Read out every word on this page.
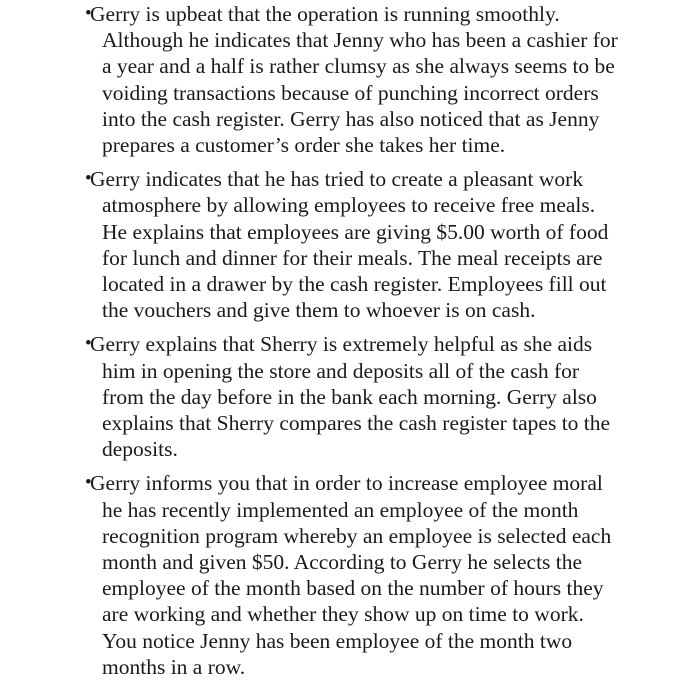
•
Gerry is upbeat that the operation is running smoothly.
Although he indicates that Jenny who has been a cashier for
a year and a half is rather clumsy as she always seems to be
voiding transactions because of punching incorrect orders
into the cash register. Gerry has also noticed that as Jenny
prepares a customer’s order she takes her time.
•
Gerry indicates that he has tried to create a pleasant work
atmosphere by allowing employees to receive free meals.
He explains that employees are giving $5.00 worth of food
for lunch and dinner for their meals. The meal receipts are
located in a drawer by the cash register. Employees fill out
the vouchers and give them to whoever is on cash.
•
Gerry explains that Sherry is extremely helpful as she aids
him in opening the store and deposits all of the cash for
from the day before in the bank each morning. Gerry also
explains that Sherry compares the cash register tapes to the
deposits.
•
Gerry informs you that in order to increase employee moral
he has recently implemented an employee of the month
recognition program whereby an employee is selected each
month and given $50. According to Gerry he selects the
employee of the month based on the number of hours they
are working and whether they show up on time to work.
You notice Jenny has been employee of the month two
months in a row.
